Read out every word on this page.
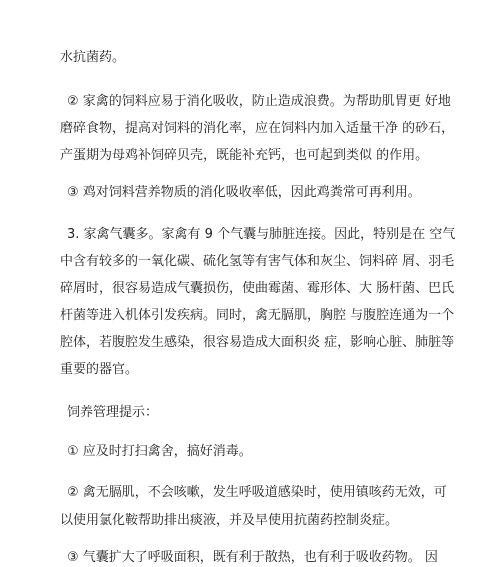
水抗菌药。
② 家禽的饲料应易于消化吸收，防止造成浪费。为帮助肌胃更 好地
磨碎食物，提高对饲料的消化率，应在饲料内加入适量干净 的砂石，
产蛋期为母鸡补饲碎贝壳，既能补充钙，也可起到类似 的作用。
③ 鸡对饲料营养物质的消化吸收率低，因此鸡粪常可再利用。
3. 家禽气囊多。家禽有 9 个气囊与肺脏连接。因此，特别是在 空气
中含有较多的一氧化碳、硫化氢等有害气体和灰尘、饲料碎 屑、羽毛
碎屑时，很容易造成气囊损伤，使曲霉菌、霉形体、大 肠杆菌、巴氏
杆菌等进入机体引发疾病。同时，禽无膈肌，胸腔 与腹腔连通为一个
腔体，若腹腔发生感染，很容易造成大面积炎 症，影响心脏、肺脏等
重要的器官。
饲养管理提示：
① 应及时打扫禽舍，搞好消毒。
② 禽无膈肌，不会咳嗽，发生呼吸道感染时，使用镇咳药无效，可
以使用氯化鞍帮助排出痰液，并及早使用抗菌药控制炎症。
③ 气囊扩大了呼吸面积，既有利于散热，也有利于吸收药物。 因
